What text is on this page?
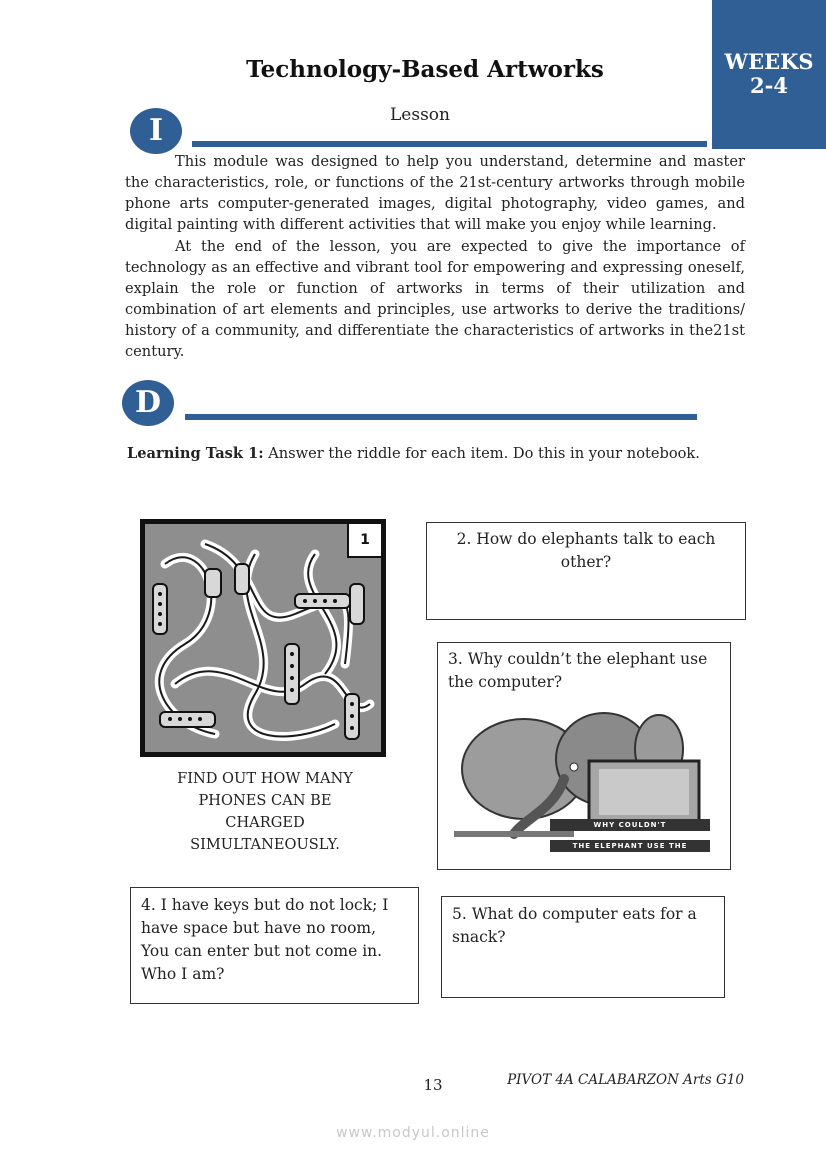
WEEKS
2-4
Technology-Based Artworks
I	Lesson

This module was designed to help you understand, determine and master the characteristics, role, or functions of the 21st-century artworks through mobile phone arts computer-generated images, digital photography, video games, and digital painting with different activities that will make you enjoy while learning.

At the end of the lesson, you are expected to give the importance of technology as an effective and vibrant tool for empowering and expressing oneself, explain the role or function of artworks in terms of their utilization and combination of art elements and principles, use artworks to derive the traditions/ history of a community, and differentiate the characteristics of artworks in the21st century.

D
Learning Task 1: Answer the riddle for each item. Do this in your notebook.
1
FIND OUT HOW MANY
PHONES CAN BE
CHARGED
SIMULTANEOUSLY.
2. How do elephants talk to each other?
3. Why couldn’t the elephant use the computer?
WHY COULDN'T
THE ELEPHANT USE THE COMPUTER?
4. I have keys but do not lock; I have space but have no room, You can enter but not come in. Who I am?
5. What do computer eats for a snack?
13	PIVOT 4A CALABARZON Arts G10
www.modyul.online
